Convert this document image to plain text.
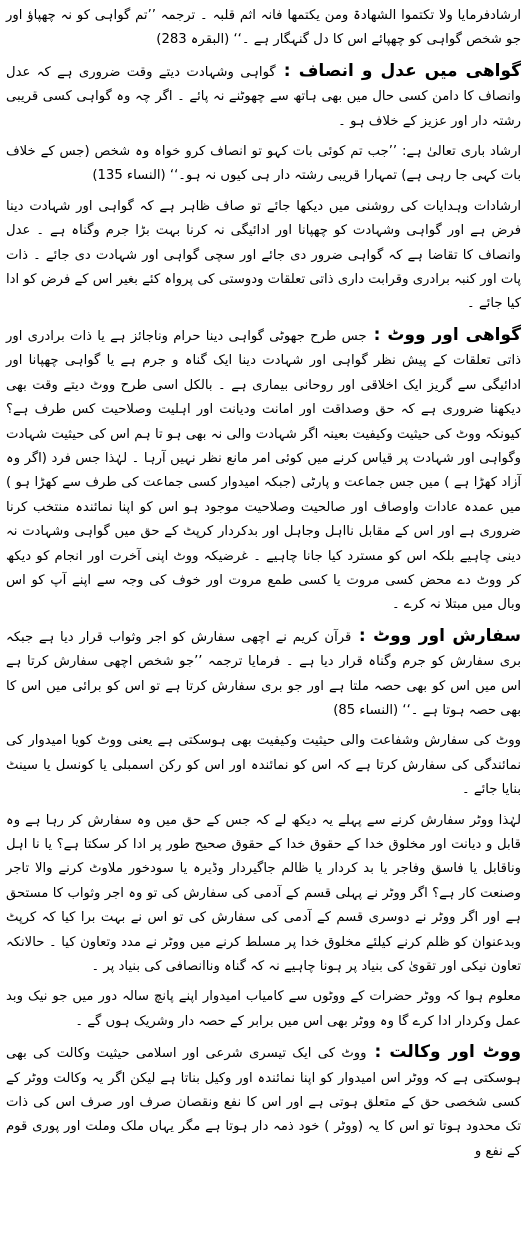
ارشادفرمایا ولا تکتموا الشھادۃ ومن یکتمھا فانہ اثم قلبہ ۔ ترجمہ ’’تم گواہی کو نہ چھپاؤ اور جو شخص گواہی کو چھپائے اس کا دل گنہگار ہے ۔‘‘ (البقرہ 283)

گواھی میں عدل و انصاف : گواہی وشہادت دیتے وقت ضروری ہے کہ عدل وانصاف کا دامن کسی حال میں بھی ہاتھ سے چھوٹنے نہ پائے ۔ اگر چہ وہ گواہی کسی قریبی رشتہ دار اور عزیز کے خلاف ہو ۔

ارشاد باری تعالیٰ ہے: ’’جب تم کوئی بات کہو تو انصاف کرو خواہ وہ شخص (جس کے خلاف بات کہی جا رہی ہے) تمہارا قریبی رشتہ دار ہی کیوں نہ ہو۔‘‘ (النساء 135)

ارشادات وہدایات کی روشنی میں دیکھا جائے تو صاف ظاہر ہے کہ گواہی اور شہادت دینا فرض ہے اور گواہی وشہادت کو چھپانا اور ادائیگی نہ کرنا بہت بڑا جرم وگناہ ہے ۔ عدل وانصاف کا تقاضا ہے کہ گواہی ضرور دی جائے اور سچی گواہی اور شہادت دی جائے ۔ ذات پات اور کنبہ برادری وقرابت داری ذاتی تعلقات ودوستی کی پرواہ کئے بغیر اس کے فرض کو ادا کیا جائے ۔

گواھی اور ووٹ : جس طرح جھوٹی گواہی دینا حرام وناجائز ہے یا ذات برادری اور ذاتی تعلقات کے پیش نظر گواہی اور شہادت دینا ایک گناہ و جرم ہے یا گواہی چھپانا اور ادائیگی سے گریز ایک اخلاقی اور روحانی بیماری ہے ۔ بالکل اسی طرح ووٹ دیتے وقت بھی دیکھنا ضروری ہے کہ حق وصداقت اور امانت ودیانت اور اہلیت وصلاحیت کس طرف ہے؟ کیونکہ ووٹ کی حیثیت وکیفیت بعینہ اگر شہادت والی نہ بھی ہو تا ہم اس کی حیثیت شہادت وگواہی اور شہادت پر قیاس کرنے میں کوئی امر مانع نظر نہیں آرہا ۔ لہٰذا جس فرد (اگر وہ آزاد کھڑا ہے ) میں جس جماعت و پارٹی (جبکہ امیدوار کسی جماعت کی طرف سے کھڑا ہو ) میں عمدہ عادات واوصاف اور صالحیت وصلاحیت موجود ہو اس کو اپنا نمائندہ منتخب کرنا ضروری ہے اور اس کے مقابل نااہل وجاہل اور بدکردار کرپٹ کے حق میں گواہی وشہادت نہ دینی چاہیے بلکہ اس کو مسترد کیا جانا چاہیے ۔ غرضیکہ ووٹ اپنی آخرت اور انجام کو دیکھ کر ووٹ دے محض کسی مروت یا کسی طمع مروت اور خوف کی وجہ سے اپنے آپ کو اس وبال میں مبتلا نہ کرے ۔

سفارش اور ووٹ : قرآن کریم نے اچھی سفارش کو اجر وثواب قرار دیا ہے جبکہ بری سفارش کو جرم وگناہ قرار دیا ہے ۔ فرمایا ترجمہ ’’جو شخص اچھی سفارش کرتا ہے اس میں اس کو بھی حصہ ملتا ہے اور جو بری سفارش کرتا ہے تو اس کو برائی میں اس کا بھی حصہ ہوتا ہے ۔‘‘ (النساء 85)

ووٹ کی سفارش وشفاعت والی حیثیت وکیفیت بھی ہوسکتی ہے یعنی ووٹ کویا امیدوار کی نمائندگی کی سفارش کرتا ہے کہ اس کو نمائندہ اور اس کو رکن اسمبلی یا کونسل یا سینٹ بنایا جائے ۔

لہٰذا ووٹر سفارش کرنے سے پہلے یہ دیکھ لے کہ جس کے حق میں وہ سفارش کر رہا ہے وہ قابل و دیانت اور مخلوق خدا کے حقوق خدا کے حقوق صحیح طور پر ادا کر سکتا ہے؟ یا نا اہل وناقابل یا فاسق وفاجر یا بد کردار یا ظالم جاگیردار وڈیرہ یا سودخور ملاوٹ کرنے والا تاجر وصنعت کار ہے؟ اگر ووٹر نے پہلی قسم کے آدمی کی سفارش کی تو وہ اجر وثواب کا مستحق ہے اور اگر ووٹر نے دوسری قسم کے آدمی کی سفارش کی تو اس نے بہت برا کیا کہ کرپٹ وبدعنوان کو ظلم کرنے کیلئے مخلوق خدا پر مسلط کرنے میں ووٹر نے مدد وتعاون کیا ۔ حالانکہ تعاون نیکی اور تقویٰ کی بنیاد پر ہونا چاہیے نہ کہ گناہ وناانصافی کی بنیاد پر ۔

معلوم ہوا کہ ووٹر حضرات کے ووٹوں سے کامیاب امیدوار اپنے پانچ سالہ دور میں جو نیک وبد عمل وکردار ادا کرے گا وہ ووٹر بھی اس میں برابر کے حصہ دار وشریک ہوں گے ۔

ووٹ اور وکالت : ووٹ کی ایک تیسری شرعی اور اسلامی حیثیت وکالت کی بھی ہوسکتی ہے کہ ووٹر اس امیدوار کو اپنا نمائندہ اور وکیل بناتا ہے لیکن اگر یہ وکالت ووٹر کے کسی شخصی حق کے متعلق ہوتی ہے اور اس کا نفع ونقصان صرف اور صرف اس کی ذات تک محدود ہوتا تو اس کا یہ (ووٹر ) خود ذمہ دار ہوتا ہے مگر یہاں ملک وملت اور پوری قوم کے نفع و
